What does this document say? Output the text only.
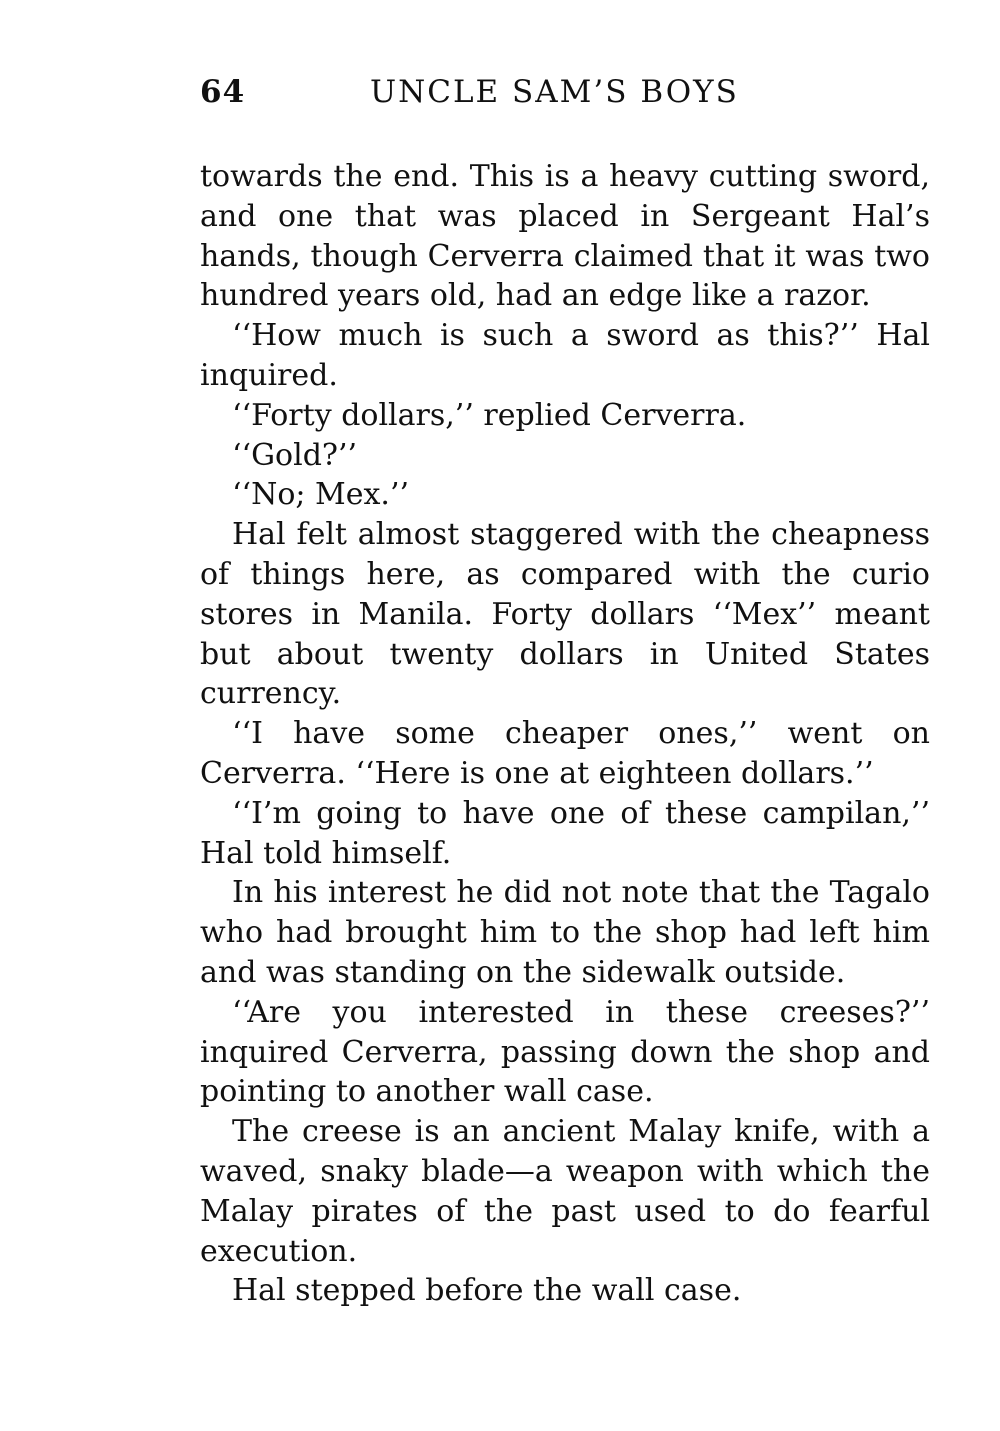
64	UNCLE SAM’S BOYS

towards the end. This is a heavy cutting sword, and one that was placed in Sergeant Hal’s hands, though Cerverra claimed that it was two hundred years old, had an edge like a razor.

‘‘How much is such a sword as this?’’ Hal inquired.

‘‘Forty dollars,’’ replied Cerverra.

‘‘Gold?’’

‘‘No; Mex.’’

Hal felt almost staggered with the cheapness of things here, as compared with the curio stores in Manila. Forty dollars ‘‘Mex’’ meant but about twenty dollars in United States currency.

‘‘I have some cheaper ones,’’ went on Cerverra. ‘‘Here is one at eighteen dollars.’’

‘‘I’m going to have one of these campilan,’’ Hal told himself.

In his interest he did not note that the Tagalo who had brought him to the shop had left him and was standing on the sidewalk outside.

‘‘Are you interested in these creeses?’’ inquired Cerverra, passing down the shop and pointing to another wall case.

The creese is an ancient Malay knife, with a waved, snaky blade—a weapon with which the Malay pirates of the past used to do fearful execution.

Hal stepped before the wall case.
